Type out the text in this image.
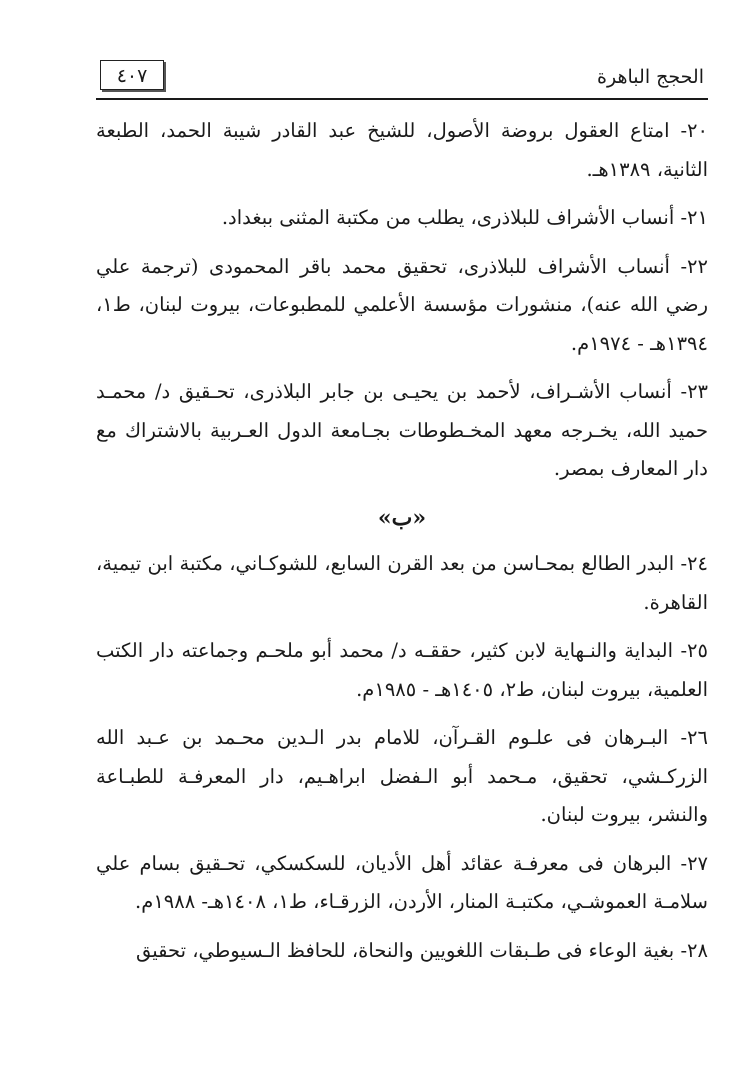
الحجج الباهرة
٤٠٧
٢٠- امتاع العقول بروضة الأصول، للشيخ عبد القادر شيبة الحمد، الطبعة الثانية، ١٣٨٩هـ.
٢١- أنساب الأشراف للبلاذرى، يطلب من مكتبة المثنى ببغداد.
٢٢- أنساب الأشراف للبلاذرى، تحقيق محمد باقر المحمودى (ترجمة علي رضي الله عنه)، منشورات مؤسسة الأعلمي للمطبوعات، بيروت لبنان، ط١، ١٣٩٤هـ - ١٩٧٤م.
٢٣- أنساب الأشـراف، لأحمد بن يحيـى بن جابر البلاذرى، تحـقيق د/ محمـد حميد الله، يخـرجه معهد المخـطوطات بجـامعة الدول العـربية بالاشتراك مع دار المعارف بمصر.
«ب»
٢٤- البدر الطالع بمحـاسن من بعد القرن السابع، للشوكـاني، مكتبة ابن تيمية، القاهرة.
٢٥- البداية والنـهاية لابن كثير، حققـه د/ محمد أبو ملحـم وجماعته دار الكتب العلمية، بيروت لبنان، ط٢، ١٤٠٥هـ - ١٩٨٥م.
٢٦- البـرهان فى علـوم القـرآن، للامام بدر الـدين محـمد بن عـبد الله الزركـشي، تحقيق، مـحمد أبو الـفضل ابراهـيم، دار المعرفـة للطبـاعة والنشر، بيروت لبنان.
٢٧- البرهان فى معرفـة عقائد أهل الأديان، للسكسكي، تحـقيق بسام علي سلامـة العموشـي، مكتبـة المنار، الأردن، الزرقـاء، ط١، ١٤٠٨هـ- ١٩٨٨م.
٢٨- بغية الوعاء فى طـبقات اللغويين والنحاة، للحافظ الـسيوطي، تحقيق
